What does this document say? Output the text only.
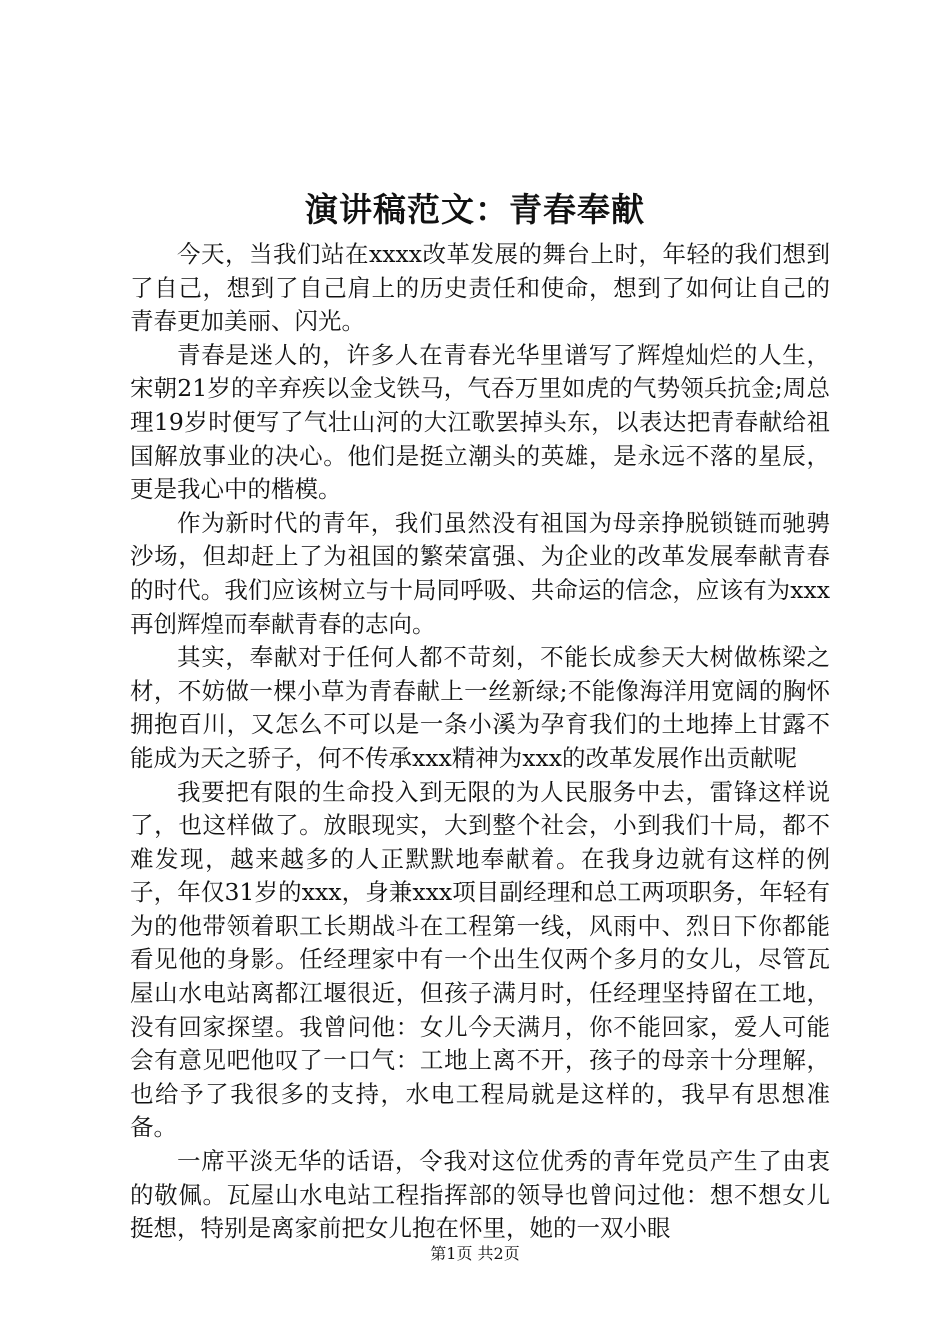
演讲稿范文：青春奉献

今天，当我们站在xxxx改革发展的舞台上时，年轻的我们想到了自己，想到了自己肩上的历史责任和使命，想到了如何让自己的青春更加美丽、闪光。

青春是迷人的，许多人在青春光华里谱写了辉煌灿烂的人生，宋朝21岁的辛弃疾以金戈铁马，气吞万里如虎的气势领兵抗金;周总理19岁时便写了气壮山河的大江歌罢掉头东，以表达把青春献给祖国解放事业的决心。他们是挺立潮头的英雄，是永远不落的星辰，更是我心中的楷模。

作为新时代的青年，我们虽然没有祖国为母亲挣脱锁链而驰骋沙场，但却赶上了为祖国的繁荣富强、为企业的改革发展奉献青春的时代。我们应该树立与十局同呼吸、共命运的信念，应该有为xxx再创辉煌而奉献青春的志向。

其实，奉献对于任何人都不苛刻，不能长成参天大树做栋梁之材，不妨做一棵小草为青春献上一丝新绿;不能像海洋用宽阔的胸怀拥抱百川，又怎么不可以是一条小溪为孕育我们的土地捧上甘露不能成为天之骄子，何不传承xxx精神为xxx的改革发展作出贡献呢

我要把有限的生命投入到无限的为人民服务中去，雷锋这样说了，也这样做了。放眼现实，大到整个社会，小到我们十局，都不难发现，越来越多的人正默默地奉献着。在我身边就有这样的例子，年仅31岁的xxx，身兼xxx项目副经理和总工两项职务，年轻有为的他带领着职工长期战斗在工程第一线，风雨中、烈日下你都能看见他的身影。任经理家中有一个出生仅两个多月的女儿，尽管瓦屋山水电站离都江堰很近，但孩子满月时，任经理坚持留在工地，没有回家探望。我曾问他：女儿今天满月，你不能回家，爱人可能会有意见吧他叹了一口气：工地上离不开，孩子的母亲十分理解，也给予了我很多的支持，水电工程局就是这样的，我早有思想准备。

一席平淡无华的话语，令我对这位优秀的青年党员产生了由衷的敬佩。瓦屋山水电站工程指挥部的领导也曾问过他：想不想女儿挺想，特别是离家前把女儿抱在怀里，她的一双小眼

第1页 共2页
